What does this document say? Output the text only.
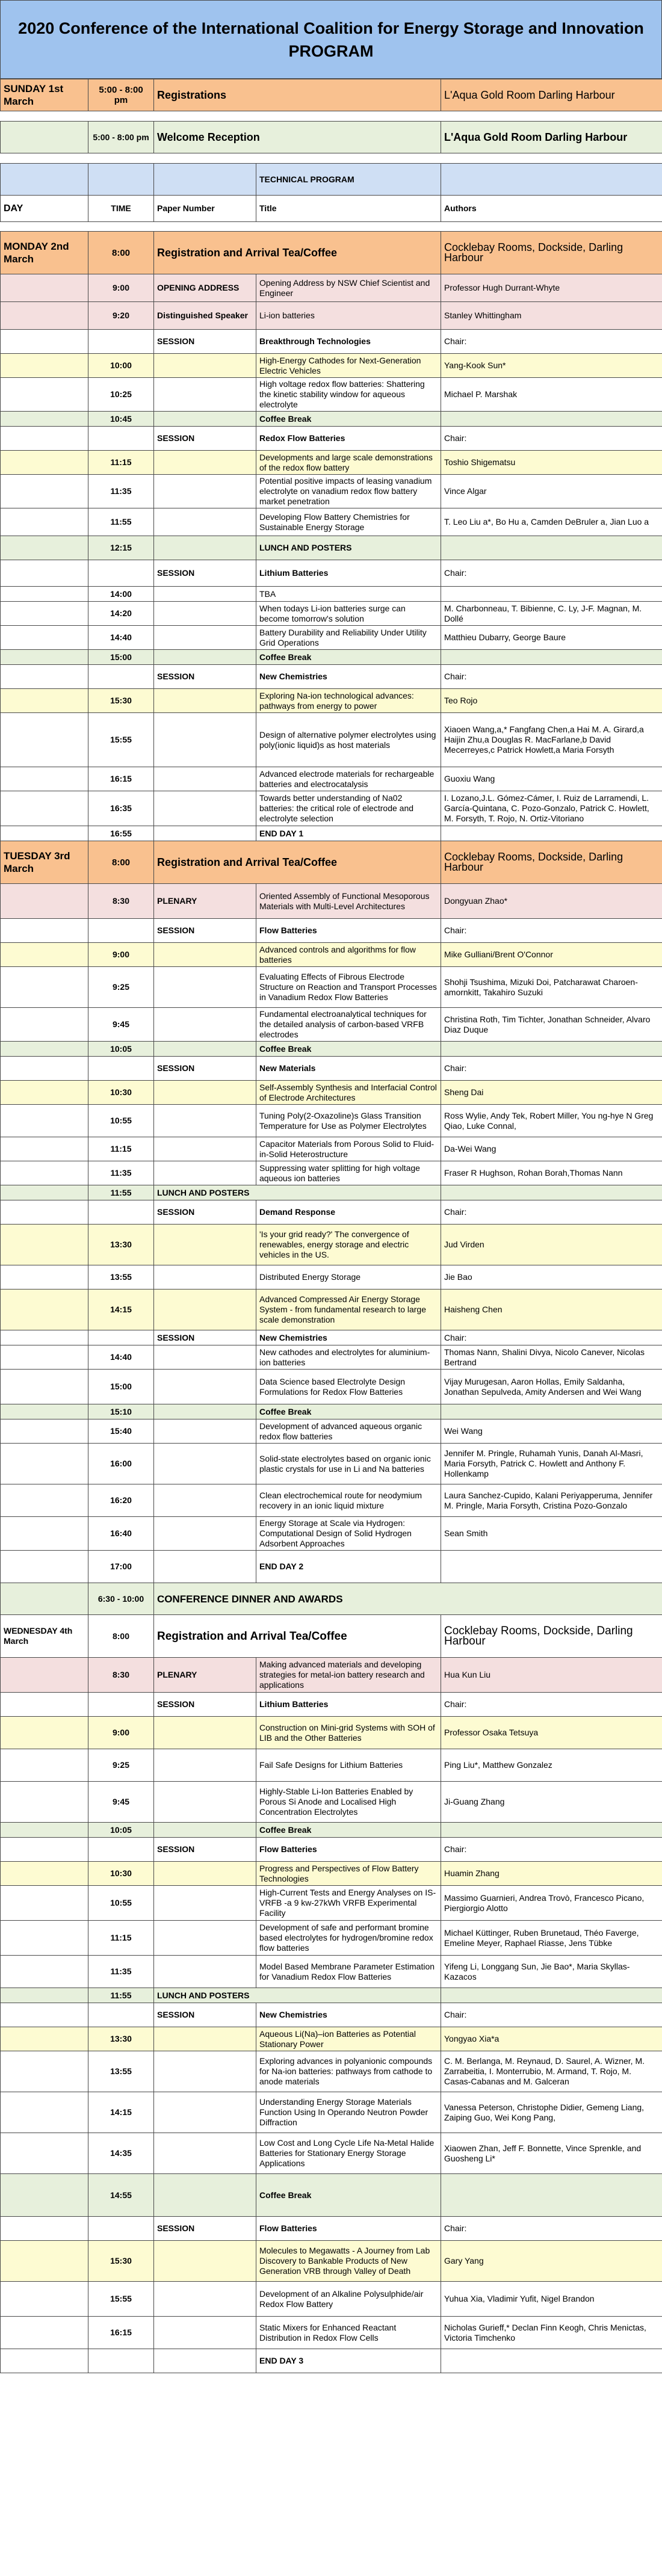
2020 Conference of the International Coalition for Energy Storage and Innovation
PROGRAM
SUNDAY 1st March	5:00 - 8:00 pm	Registrations		L'Aqua Gold Room Darling Harbour

	5:00 - 8:00 pm	Welcome Reception		L'Aqua Gold Room Darling Harbour

			TECHNICAL PROGRAM	
DAY	TIME	Paper Number	Title	Authors

MONDAY 2nd March	8:00	Registration and Arrival Tea/Coffee		Cocklebay Rooms, Dockside, Darling Harbour
	9:00	OPENING ADDRESS	Opening Address by NSW Chief Scientist and Engineer	Professor Hugh Durrant-Whyte
	9:20	Distinguished Speaker	Li-ion batteries	Stanley Whittingham
		SESSION	Breakthrough Technologies	Chair:
	10:00		High-Energy Cathodes for Next-Generation Electric Vehicles	Yang-Kook Sun*
	10:25		High voltage redox flow batteries: Shattering the kinetic stability window for aqueous electrolyte	Michael P. Marshak
	10:45		Coffee Break	
		SESSION	Redox Flow Batteries	Chair:
	11:15		Developments and large scale demonstrations of the redox flow battery	Toshio Shigematsu
	11:35		Potential positive impacts of leasing vanadium electrolyte on vanadium redox flow battery market penetration	Vince Algar
	11:55		Developing Flow Battery Chemistries for Sustainable Energy Storage	T. Leo Liu a*, Bo Hu a, Camden DeBruler a, Jian Luo a
	12:15		LUNCH AND POSTERS	
		SESSION	Lithium Batteries	Chair:
	14:00		TBA	
	14:20		When todays Li-ion batteries surge can become tomorrow's solution	M. Charbonneau, T. Bibienne, C. Ly, J-F. Magnan, M. Dollé
	14:40		Battery Durability and Reliability Under Utility Grid Operations	Matthieu Dubarry, George Baure
	15:00		Coffee Break	
		SESSION	New Chemistries	Chair:
	15:30		Exploring Na-ion technological advances: pathways from energy to power	Teo Rojo
	15:55		Design of alternative polymer electrolytes using poly(ionic liquid)s as host materials	Xiaoen Wang,a,* Fangfang Chen,a Hai M. A. Girard,a Haijin Zhu,a Douglas R. MacFarlane,b David Mecerreyes,c Patrick Howlett,a Maria Forsyth
	16:15		Advanced electrode materials for rechargeable batteries and electrocatalysis	Guoxiu Wang
	16:35		Towards better understanding of Na02 batteries: the critical role of electrode and electrolyte selection	I. Lozano,J.L. Gómez-Cámer, I. Ruiz de Larramendi, L. García-Quintana, C. Pozo-Gonzalo, Patrick C. Howlett, M. Forsyth, T. Rojo, N. Ortiz-Vitoriano
	16:55		END DAY 1	
TUESDAY 3rd March	8:00	Registration and Arrival Tea/Coffee		Cocklebay Rooms, Dockside, Darling Harbour
	8:30	PLENARY	Oriented Assembly of Functional Mesoporous Materials with Multi-Level Architectures	Dongyuan Zhao*
		SESSION	Flow Batteries	Chair:
	9:00		Advanced controls and algorithms for flow batteries	Mike Gulliani/Brent O'Connor
	9:25		Evaluating Effects of Fibrous Electrode Structure on Reaction and Transport Processes in Vanadium Redox Flow Batteries	Shohji Tsushima, Mizuki Doi, Patcharawat Charoen-amornkitt, Takahiro Suzuki
	9:45		Fundamental electroanalytical techniques for the detailed analysis of carbon-based VRFB electrodes	Christina Roth, Tim Tichter, Jonathan Schneider, Alvaro Diaz Duque
	10:05		Coffee Break	
		SESSION	New Materials	Chair:
	10:30		Self-Assembly Synthesis and Interfacial Control of Electrode Architectures	Sheng Dai
	10:55		Tuning Poly(2-Oxazoline)s Glass Transition Temperature for Use as Polymer Electrolytes	Ross Wylie, Andy Tek, Robert Miller, You ng-hye N Greg Qiao, Luke Connal,
	11:15		Capacitor Materials from Porous Solid to Fluid-in-Solid Heterostructure	Da-Wei Wang
	11:35		Suppressing water splitting for high voltage aqueous ion batteries	Fraser R Hughson, Rohan Borah,Thomas Nann
	11:55	LUNCH AND POSTERS		
		SESSION	Demand Response	Chair:
	13:30		'Is your grid ready?' The convergence of renewables, energy storage and electric vehicles in the US.	Jud Virden
	13:55		Distributed Energy Storage	Jie Bao
	14:15		Advanced Compressed Air Energy Storage System - from fundamental research to large scale demonstration	Haisheng Chen
		SESSION	New Chemistries	Chair:
	14:40		New cathodes and electrolytes for aluminium-ion batteries	Thomas Nann, Shalini Divya, Nicolo Canever, Nicolas Bertrand
	15:00		Data Science based Electrolyte Design Formulations for Redox Flow Batteries	Vijay Murugesan, Aaron Hollas, Emily Saldanha, Jonathan Sepulveda, Amity Andersen and Wei Wang
	15:10		Coffee Break	
	15:40		Development of advanced aqueous organic redox flow batteries	Wei Wang
	16:00		Solid-state electrolytes based on organic ionic plastic crystals for use in Li and Na batteries	Jennifer M. Pringle, Ruhamah Yunis, Danah Al-Masri, Maria Forsyth, Patrick C. Howlett and Anthony F. Hollenkamp
	16:20		Clean electrochemical route for neodymium recovery in an ionic liquid mixture	Laura Sanchez-Cupido, Kalani Periyapperuma, Jennifer M. Pringle, Maria Forsyth, Cristina Pozo-Gonzalo
	16:40		Energy Storage at Scale via Hydrogen: Computational Design of Solid Hydrogen Adsorbent Approaches	Sean Smith
	17:00		END DAY 2	
	6:30 - 10:00	CONFERENCE DINNER AND AWARDS		
WEDNESDAY 4th March	8:00	Registration and Arrival Tea/Coffee		Cocklebay Rooms, Dockside, Darling Harbour
	8:30	PLENARY	Making advanced materials and developing strategies for metal-ion battery research and applications	Hua Kun Liu
		SESSION	Lithium Batteries	Chair:
	9:00		Construction on Mini-grid Systems with SOH of LIB and the Other Batteries	Professor Osaka Tetsuya
	9:25		Fail Safe Designs for Lithium Batteries	Ping Liu*, Matthew Gonzalez
	9:45		Highly-Stable Li-Ion Batteries Enabled by Porous Si Anode and Localised High Concentration Electrolytes	Ji-Guang Zhang
	10:05		Coffee Break	
		SESSION	Flow Batteries	Chair:
	10:30		Progress and Perspectives of Flow Battery Technologies	Huamin Zhang
	10:55		High-Current Tests and Energy Analyses on IS-VRFB -a 9 kw-27kWh VRFB Experimental Facility	Massimo Guarnieri, Andrea Trovò, Francesco Picano, Piergiorgio Alotto
	11:15		Development of safe and performant bromine based electrolytes for hydrogen/bromine redox flow batteries	Michael Küttinger, Ruben Brunetaud, Théo Faverge, Emeline Meyer, Raphael Riasse, Jens Tübke
	11:35		Model Based Membrane Parameter Estimation for Vanadium Redox Flow Batteries	Yifeng Li, Longgang Sun, Jie Bao*, Maria Skyllas-Kazacos
	11:55	LUNCH AND POSTERS		
		SESSION	New Chemistries	Chair:
	13:30		Aqueous Li(Na)–ion Batteries as Potential Stationary Power	Yongyao Xia*a
	13:55		Exploring advances in polyanionic compounds for Na-ion batteries: pathways from cathode to anode materials	C. M. Berlanga, M. Reynaud, D. Saurel, A. Wizner, M. Zarrabeitia, I. Monterrubio, M. Armand, T. Rojo, M. Casas-Cabanas and M. Galceran
	14:15		Understanding Energy Storage Materials Function Using In Operando Neutron Powder Diffraction	Vanessa Peterson, Christophe Didier, Gemeng Liang, Zaiping Guo, Wei Kong Pang,
	14:35		Low Cost and Long Cycle Life Na-Metal Halide Batteries for Stationary Energy Storage Applications	Xiaowen Zhan, Jeff F. Bonnette, Vince Sprenkle, and Guosheng Li*
	14:55		Coffee Break	
		SESSION	Flow Batteries	Chair:
	15:30		Molecules to Megawatts - A Journey from Lab Discovery to Bankable Products of New Generation VRB through Valley of Death	Gary Yang
	15:55		Development of an Alkaline Polysulphide/air Redox Flow Battery	Yuhua Xia, Vladimir Yufit, Nigel Brandon
	16:15		Static Mixers for Enhanced Reactant Distribution in Redox Flow Cells	Nicholas Gurieff,* Declan Finn Keogh, Chris Menictas, Victoria Timchenko
			END DAY 3	
